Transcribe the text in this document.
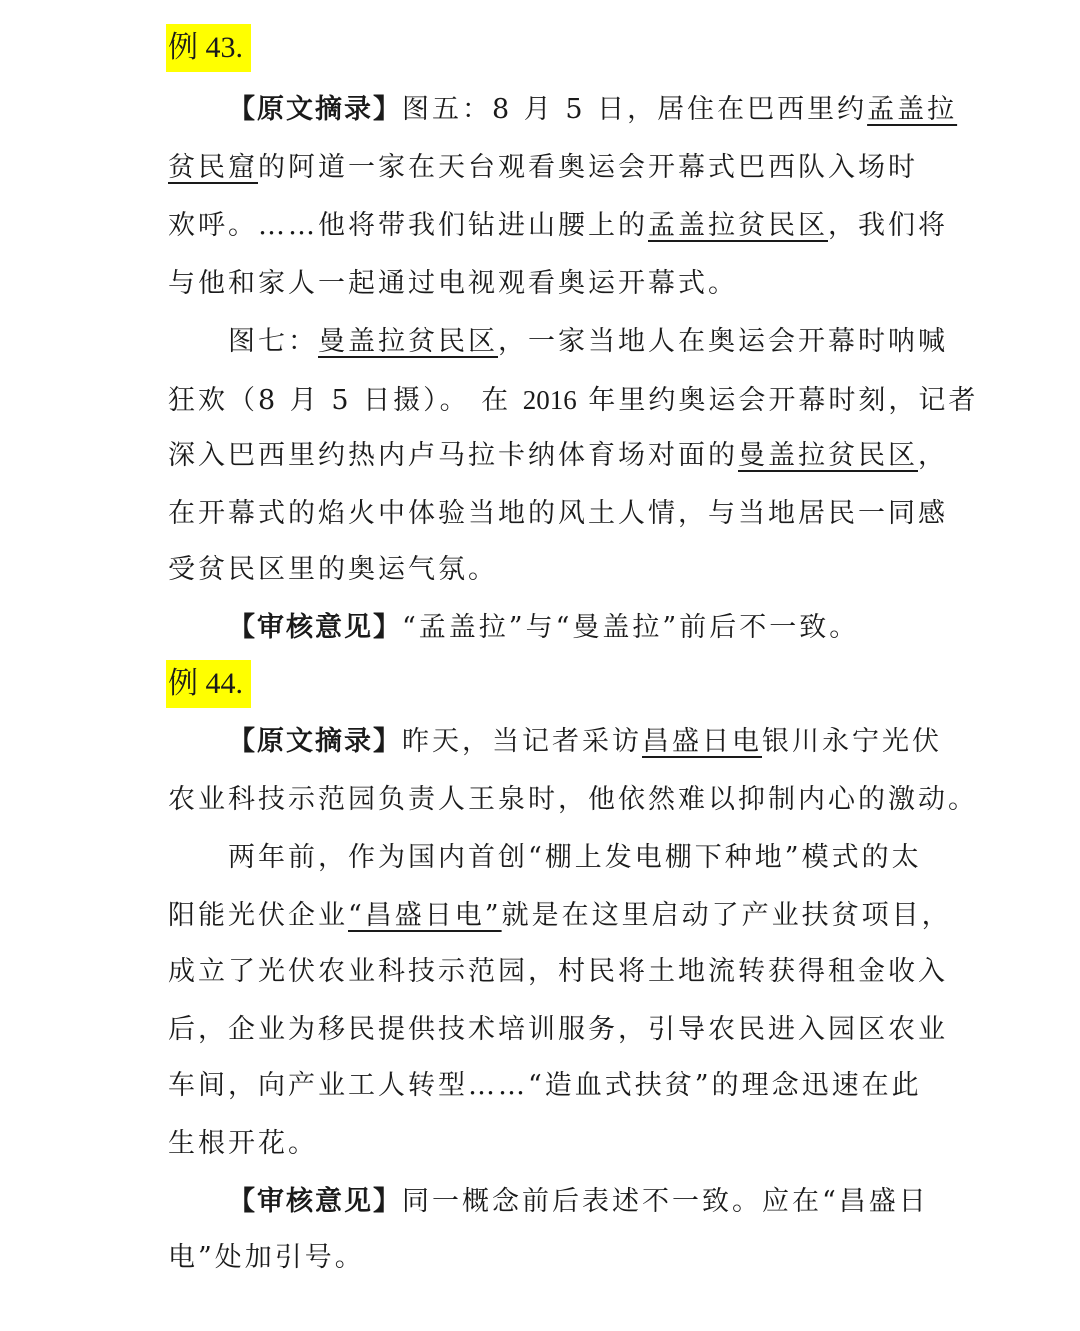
例 43.
【原文摘录】图五：8 月 5 日，居住在巴西里约孟盖拉
贫民窟的阿道一家在天台观看奥运会开幕式巴西队入场时
欢呼。……他将带我们钻进山腰上的孟盖拉贫民区，我们将
与他和家人一起通过电视观看奥运开幕式。
图七：曼盖拉贫民区，一家当地人在奥运会开幕时呐喊
狂欢（8 月 5 日摄）。 在 2016 年里约奥运会开幕时刻，记者
深入巴西里约热内卢马拉卡纳体育场对面的曼盖拉贫民区，
在开幕式的焰火中体验当地的风土人情，与当地居民一同感
受贫民区里的奥运气氛。
【审核意见】“孟盖拉”与“曼盖拉”前后不一致。
例 44.
【原文摘录】昨天，当记者采访昌盛日电银川永宁光伏
农业科技示范园负责人王泉时，他依然难以抑制内心的激动。
两年前，作为国内首创“棚上发电棚下种地”模式的太
阳能光伏企业“昌盛日电”就是在这里启动了产业扶贫项目，
成立了光伏农业科技示范园，村民将土地流转获得租金收入
后，企业为移民提供技术培训服务，引导农民进入园区农业
车间，向产业工人转型……“造血式扶贫”的理念迅速在此
生根开花。
【审核意见】同一概念前后表述不一致。应在“昌盛日
电”处加引号。
